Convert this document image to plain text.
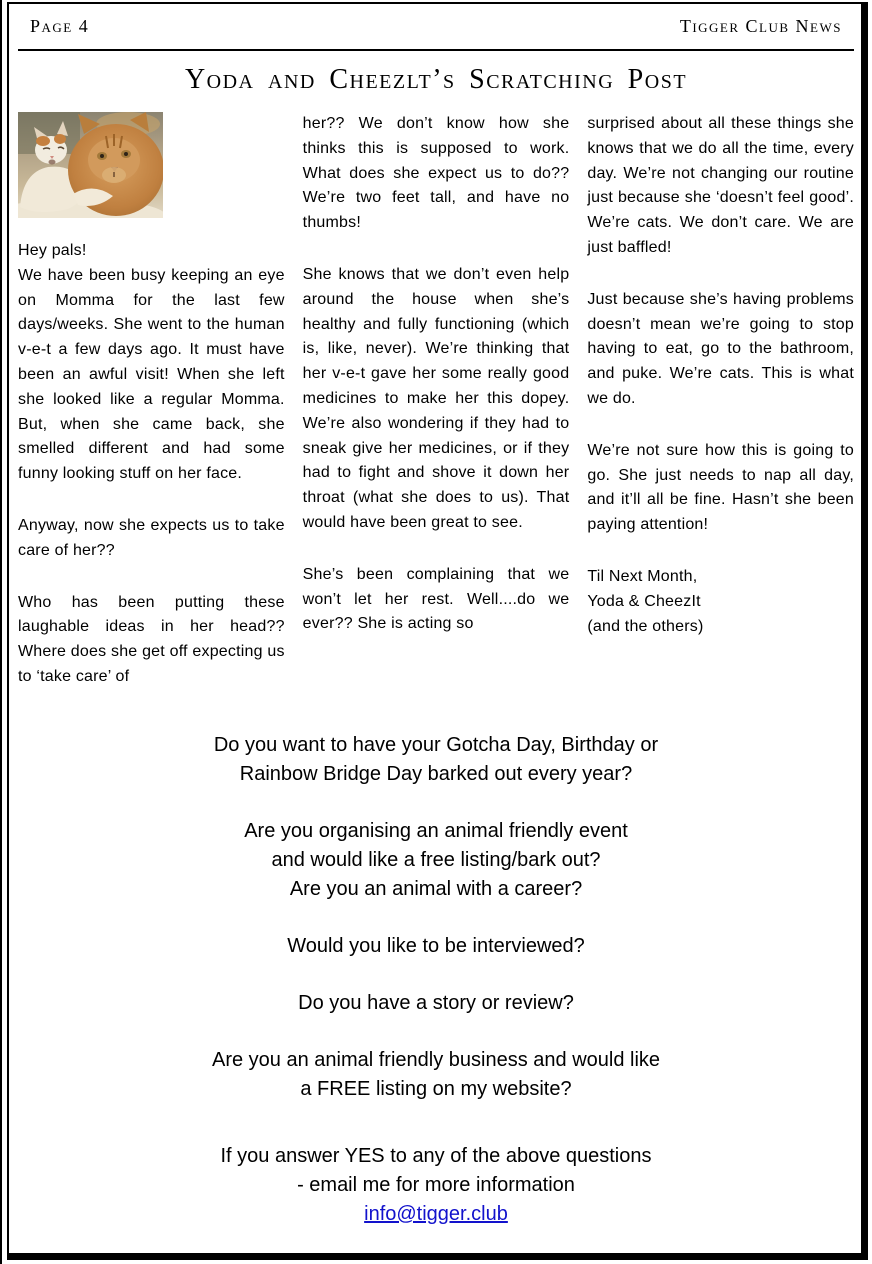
Page 4	Tigger Club News
Yoda and Cheezlt’s Scratching Post

Hey pals!

We have been busy keeping an eye on Momma for the last few days/weeks. She went to the human v-e-t a few days ago. It must have been an awful visit! When she left she looked like a regular Momma. But, when she came back, she smelled different and had some funny looking stuff on her face.

Anyway, now she expects us to take care of her??

Who has been putting these laughable ideas in her head?? Where does she get off expecting us to ‘take care’ of

her?? We don’t know how she thinks this is supposed to work. What does she expect us to do?? We’re two feet tall, and have no thumbs!

She knows that we don’t even help around the house when she’s healthy and fully functioning (which is, like, never). We’re thinking that her v-e-t gave her some really good medicines to make her this dopey. We’re also wondering if they had to sneak give her medicines, or if they had to fight and shove it down her throat (what she does to us). That would have been great to see.

She’s been complaining that we won’t let her rest. Well....do we ever?? She is acting so

surprised about all these things she knows that we do all the time, every day. We’re not changing our routine just because she ‘doesn’t feel good’. We’re cats. We don’t care. We are just baffled!

Just because she’s having problems doesn’t mean we’re going to stop having to eat, go to the bathroom, and puke. We’re cats. This is what we do.

We’re not sure how this is going to go. She just needs to nap all day, and it’ll all be fine. Hasn’t she been paying attention!

Til Next Month,

Yoda & CheezIt

(and the others)

Do you want to have your Gotcha Day, Birthday or
Rainbow Bridge Day barked out every year?
Are you organising an animal friendly event
and would like a free listing/bark out?
Are you an animal with a career?
Would you like to be interviewed?
Do you have a story or review?
Are you an animal friendly business and would like
a FREE listing on my website?
If you answer YES to any of the above questions
- email me for more information
info@tigger.club
